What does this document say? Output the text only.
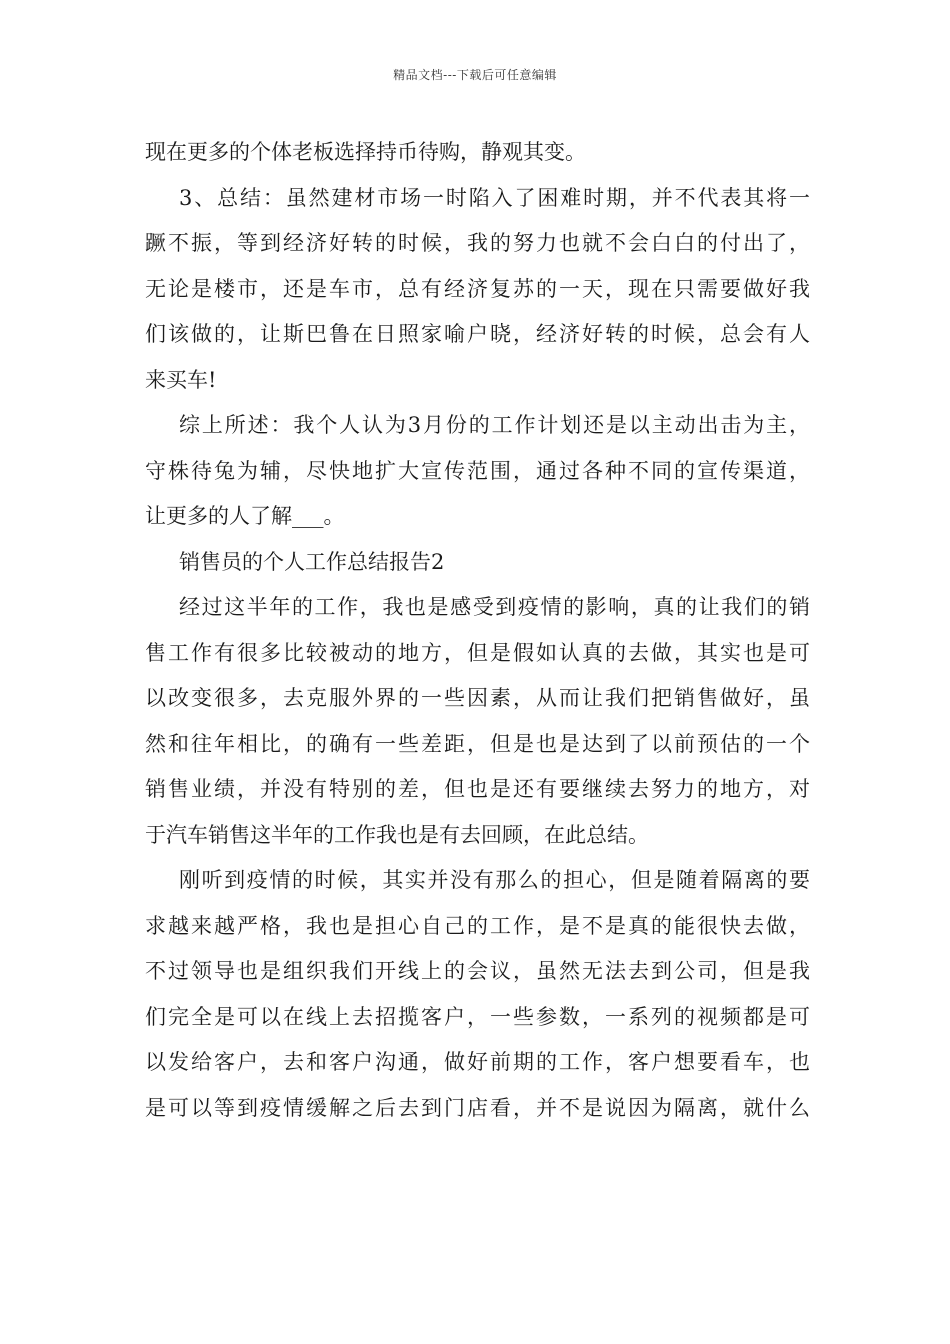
精品文档---下载后可任意编辑
现在更多的个体老板选择持币待购，静观其变。
3、总结：虽然建材市场一时陷入了困难时期，并不代表其将一
蹶不振，等到经济好转的时候，我的努力也就不会白白的付出了，
无论是楼市，还是车市，总有经济复苏的一天，现在只需要做好我
们该做的，让斯巴鲁在日照家喻户晓，经济好转的时候，总会有人
来买车!
综上所述：我个人认为3月份的工作计划还是以主动出击为主，
守株待兔为辅，尽快地扩大宣传范围，通过各种不同的宣传渠道，
让更多的人了解___。
销售员的个人工作总结报告2
经过这半年的工作，我也是感受到疫情的影响，真的让我们的销
售工作有很多比较被动的地方，但是假如认真的去做，其实也是可
以改变很多，去克服外界的一些因素，从而让我们把销售做好，虽
然和往年相比，的确有一些差距，但是也是达到了以前预估的一个
销售业绩，并没有特别的差，但也是还有要继续去努力的地方，对
于汽车销售这半年的工作我也是有去回顾，在此总结。
刚听到疫情的时候，其实并没有那么的担心，但是随着隔离的要
求越来越严格，我也是担心自己的工作，是不是真的能很快去做，
不过领导也是组织我们开线上的会议，虽然无法去到公司，但是我
们完全是可以在线上去招揽客户，一些参数，一系列的视频都是可
以发给客户，去和客户沟通，做好前期的工作，客户想要看车，也
是可以等到疫情缓解之后去到门店看，并不是说因为隔离，就什么
